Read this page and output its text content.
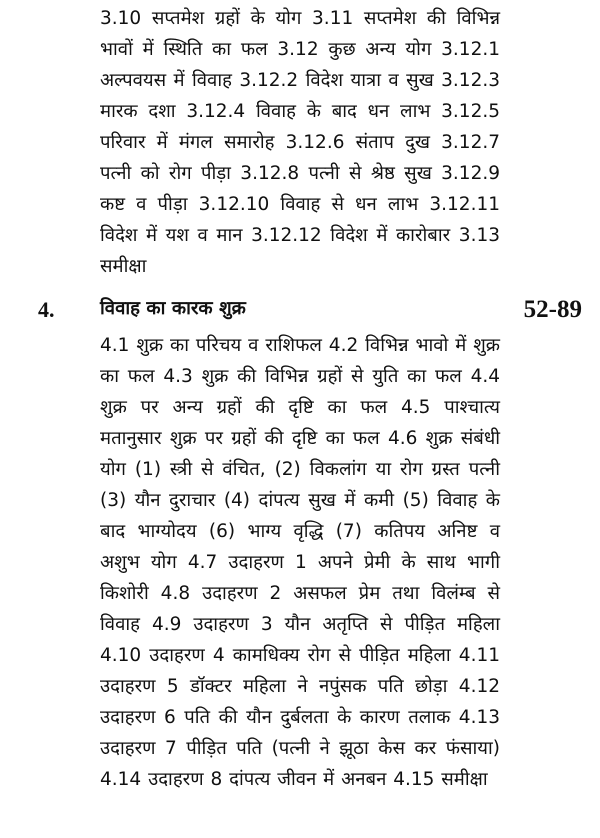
3.10 सप्तमेश ग्रहों के योग 3.11 सप्तमेश की विभिन्न भावों में स्थिति का फल 3.12 कुछ अन्य योग 3.12.1 अल्पवयस में विवाह 3.12.2 विदेश यात्रा व सुख 3.12.3 मारक दशा 3.12.4 विवाह के बाद धन लाभ 3.12.5 परिवार में मंगल समारोह 3.12.6 संताप दुख 3.12.7 पत्नी को रोग पीड़ा 3.12.8 पत्नी से श्रेष्ठ सुख 3.12.9 कष्ट व पीड़ा 3.12.10 विवाह से धन लाभ 3.12.11 विदेश में यश व मान 3.12.12 विदेश में कारोबार 3.13 समीक्षा

4. विवाह का कारक शुक्र	52-89

4.1 शुक्र का परिचय व राशिफल 4.2 विभिन्न भावो में शुक्र का फल 4.3 शुक्र की विभिन्न ग्रहों से युति का फल 4.4 शुक्र पर अन्य ग्रहों की दृष्टि का फल 4.5 पाश्चात्य मतानुसार शुक्र पर ग्रहों की दृष्टि का फल 4.6 शुक्र संबंधी योग (1) स्त्री से वंचित, (2) विकलांग या रोग ग्रस्त पत्नी (3) यौन दुराचार (4) दांपत्य सुख में कमी (5) विवाह के बाद भाग्योदय (6) भाग्य वृद्धि (7) कतिपय अनिष्ट व अशुभ योग 4.7 उदाहरण 1 अपने प्रेमी के साथ भागी किशोरी 4.8 उदाहरण 2 असफल प्रेम तथा विलंम्ब से विवाह 4.9 उदाहरण 3 यौन अतृप्ति से पीड़ित महिला 4.10 उदाहरण 4 कामधिक्य रोग से पीड़ित महिला 4.11 उदाहरण 5 डॉक्टर महिला ने नपुंसक पति छोड़ा 4.12 उदाहरण 6 पति की यौन दुर्बलता के कारण तलाक 4.13 उदाहरण 7 पीड़ित पति (पत्नी ने झूठा केस कर फंसाया) 4.14 उदाहरण 8 दांपत्य जीवन में अनबन 4.15 समीक्षा
